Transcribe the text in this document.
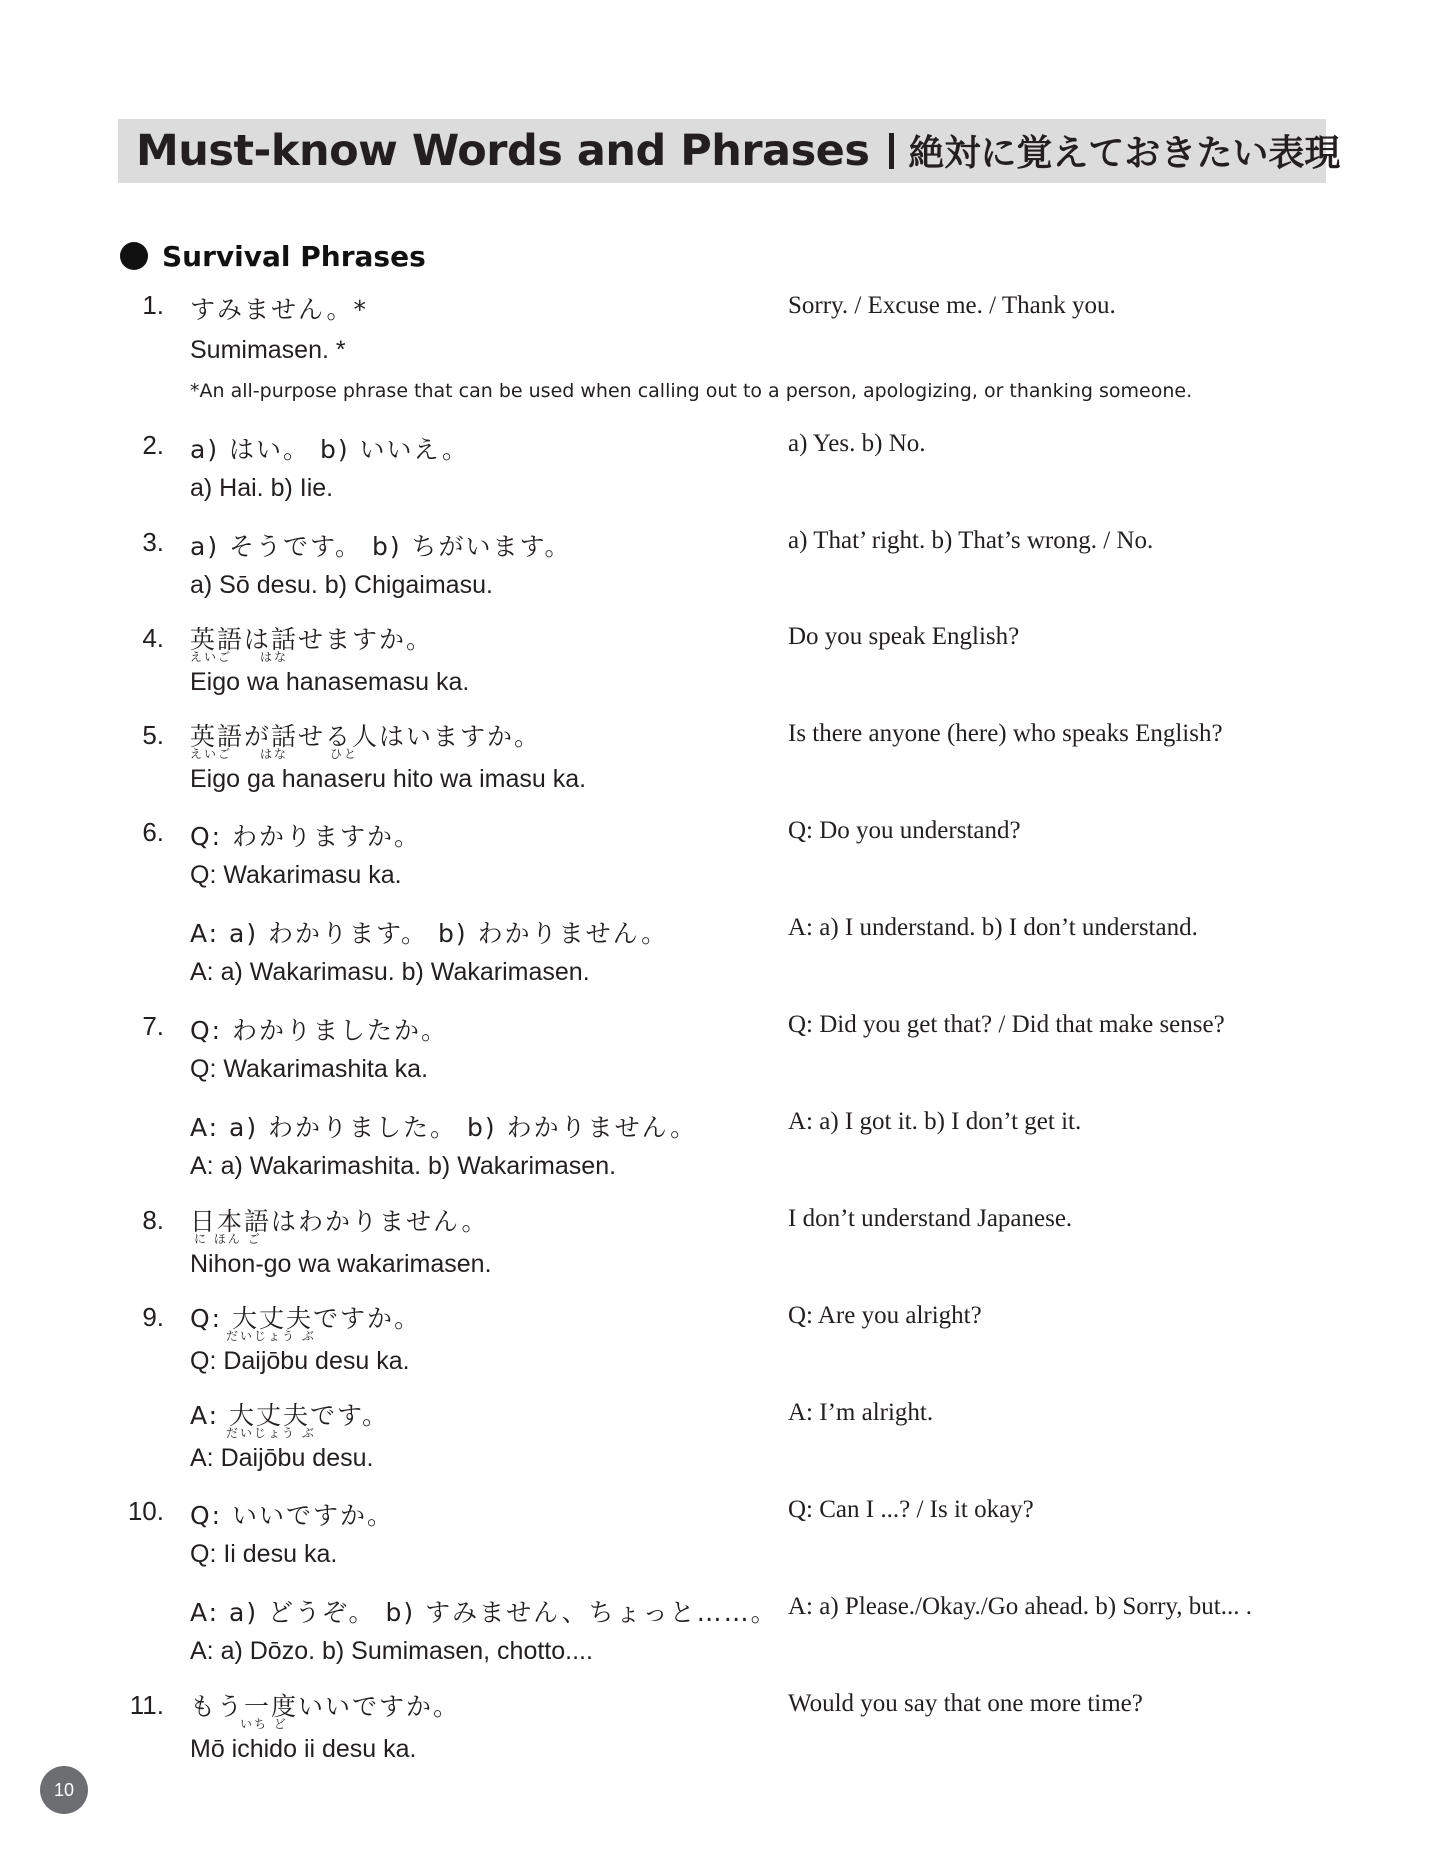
Must-know Words and Phrases 絶対に覚えておきたい表現
Survival Phrases
1. すみません。*
Sumimasen. *
Sorry. / Excuse me. / Thank you.
*An all-purpose phrase that can be used when calling out to a person, apologizing, or thanking someone.
2. a) はい。 b) いいえ。
a) Hai. b) Iie.
a) Yes. b) No.
3. a) そうです。 b) ちがいます。
a) Sō desu. b) Chigaimasu.
a) That’ right. b) That’s wrong. / No.
4. 英語は話せますか。
えいご　　はな
Eigo wa hanasemasu ka.
Do you speak English?
5. 英語が話せる人はいますか。
えいご　　はな　　　ひと
Eigo ga hanaseru hito wa imasu ka.
Is there anyone (here) who speaks English?
6. Q: わかりますか。
Q: Wakarimasu ka.
Q: Do you understand?
A: a) わかります。 b) わかりません。
A: a) Wakarimasu. b) Wakarimasen.
A: a) I understand. b) I don’t understand.
7. Q: わかりましたか。
Q: Wakarimashita ka.
Q: Did you get that? / Did that make sense?
A: a) わかりました。 b) わかりません。
A: a) Wakarimashita. b) Wakarimasen.
A: a) I got it. b) I don’t get it.
8. 日本語はわかりません。
に ほん ご
Nihon-go wa wakarimasen.
I don’t understand Japanese.
9. Q: 大丈夫ですか。
だいじょう ぶ
Q: Daijōbu desu ka.
Q: Are you alright?
A: 大丈夫です。
だいじょう ぶ
A: Daijōbu desu.
A: I’m alright.
10. Q: いいですか。
Q: Ii desu ka.
Q: Can I ...? / Is it okay?
A: a) どうぞ。 b) すみません、ちょっと……。
A: a) Dōzo. b) Sumimasen, chotto....
A: a) Please./Okay./Go ahead. b) Sorry, but... .
11. もう一度いいですか。
いち ど
Mō ichido ii desu ka.
Would you say that one more time?
10
